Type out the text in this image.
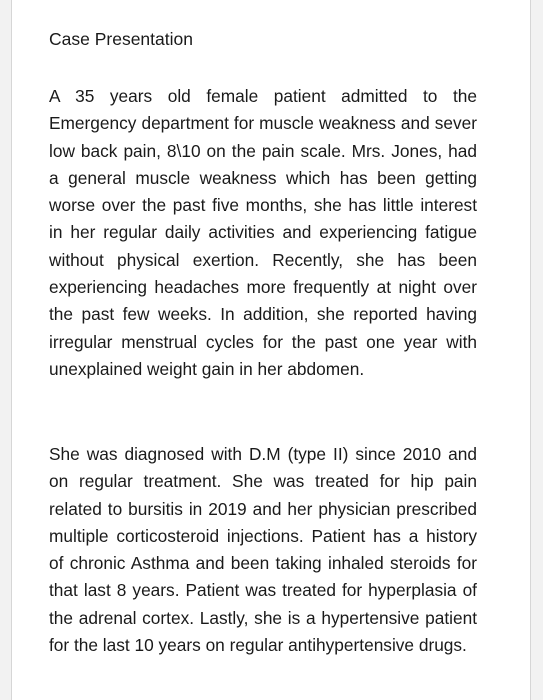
Case Presentation

A 35 years old female patient admitted to the Emergency department for muscle weakness and sever low back pain, 8\10 on the pain scale. Mrs. Jones, had a general muscle weakness which has been getting worse over the past five months, she has little interest in her regular daily activities and experiencing fatigue without physical exertion. Recently, she has been experiencing headaches more frequently at night over the past few weeks. In addition, she reported having irregular menstrual cycles for the past one year with unexplained weight gain in her abdomen.

She was diagnosed with D.M (type II) since 2010 and on regular treatment. She was treated for hip pain related to bursitis in 2019 and her physician prescribed multiple corticosteroid injections. Patient has a history of chronic Asthma and been taking inhaled steroids for that last 8 years. Patient was treated for hyperplasia of the adrenal cortex. Lastly, she is a hypertensive patient for the last 10 years on regular antihypertensive drugs.
